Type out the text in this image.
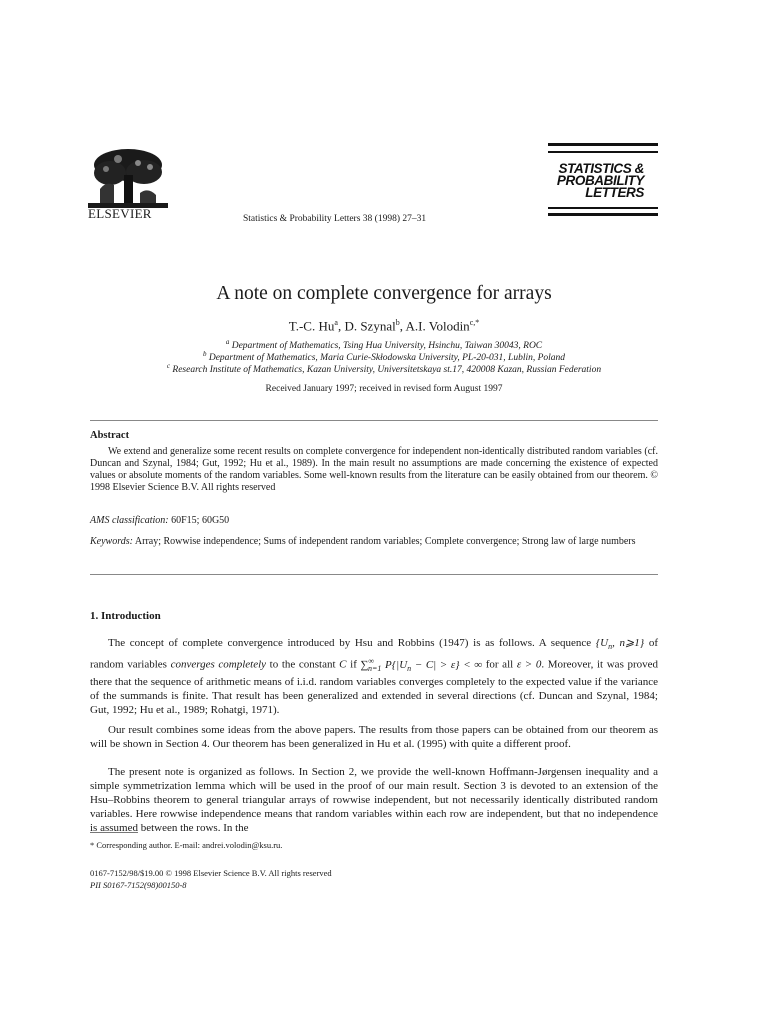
ELSEVIER	Statistics & Probability Letters 38 (1998) 27–31
STATISTICS &
PROBABILITY
LETTERS
A note on complete convergence for arrays
T.-C. Hu$^a$, D. Szynal$^b$, A.I. Volodin$^{c,*}$
$^a$ Department of Mathematics, Tsing Hua University, Hsinchu, Taiwan 30043, ROC
$^b$ Department of Mathematics, Maria Curie-Skłodowska University, PL-20-031, Lublin, Poland
$^c$ Research Institute of Mathematics, Kazan University, Universitetskaya st.17, 420008 Kazan, Russian Federation
Received January 1997; received in revised form August 1997
Abstract
We extend and generalize some recent results on complete convergence for independent non-identically distributed random variables (cf. Duncan and Szynal, 1984; Gut, 1992; Hu et al., 1989). In the main result no assumptions are made concerning the existence of expected values or absolute moments of the random variables. Some well-known results from the literature can be easily obtained from our theorem. © 1998 Elsevier Science B.V. All rights reserved
AMS classification: 60F15; 60G50
Keywords: Array; Rowwise independence; Sums of independent random variables; Complete convergence; Strong law of large numbers
1. Introduction
The concept of complete convergence introduced by Hsu and Robbins (1947) is as follows. A sequence {$U_n$, n⩾1} of random variables converges completely to the constant C if $\sum^\infty_{n=1}$ $P\{|U_n - C| > \varepsilon\}$ < ∞ for all ε > 0. Moreover, it was proved there that the sequence of arithmetic means of i.i.d. random variables converges completely to the expected value if the variance of the summands is finite. That result has been generalized and extended in several directions (cf. Duncan and Szynal, 1984; Gut, 1992; Hu et al., 1989; Rohatgi, 1971).
Our result combines some ideas from the above papers. The results from those papers can be obtained from our theorem as will be shown in Section 4. Our theorem has been generalized in Hu et al. (1995) with quite a different proof.
The present note is organized as follows. In Section 2, we provide the well-known Hoffmann-Jørgensen inequality and a simple symmetrization lemma which will be used in the proof of our main result. Section 3 is devoted to an extension of the Hsu–Robbins theorem to general triangular arrays of rowwise independent, but not necessarily identically distributed random variables. Here rowwise independence means that random variables within each row are independent, but that no independence is assumed between the rows. In the
* Corresponding author. E-mail: andrei.volodin@ksu.ru.
0167-7152/98/$19.00 © 1998 Elsevier Science B.V. All rights reserved
PII S0167-7152(98)00150-8
